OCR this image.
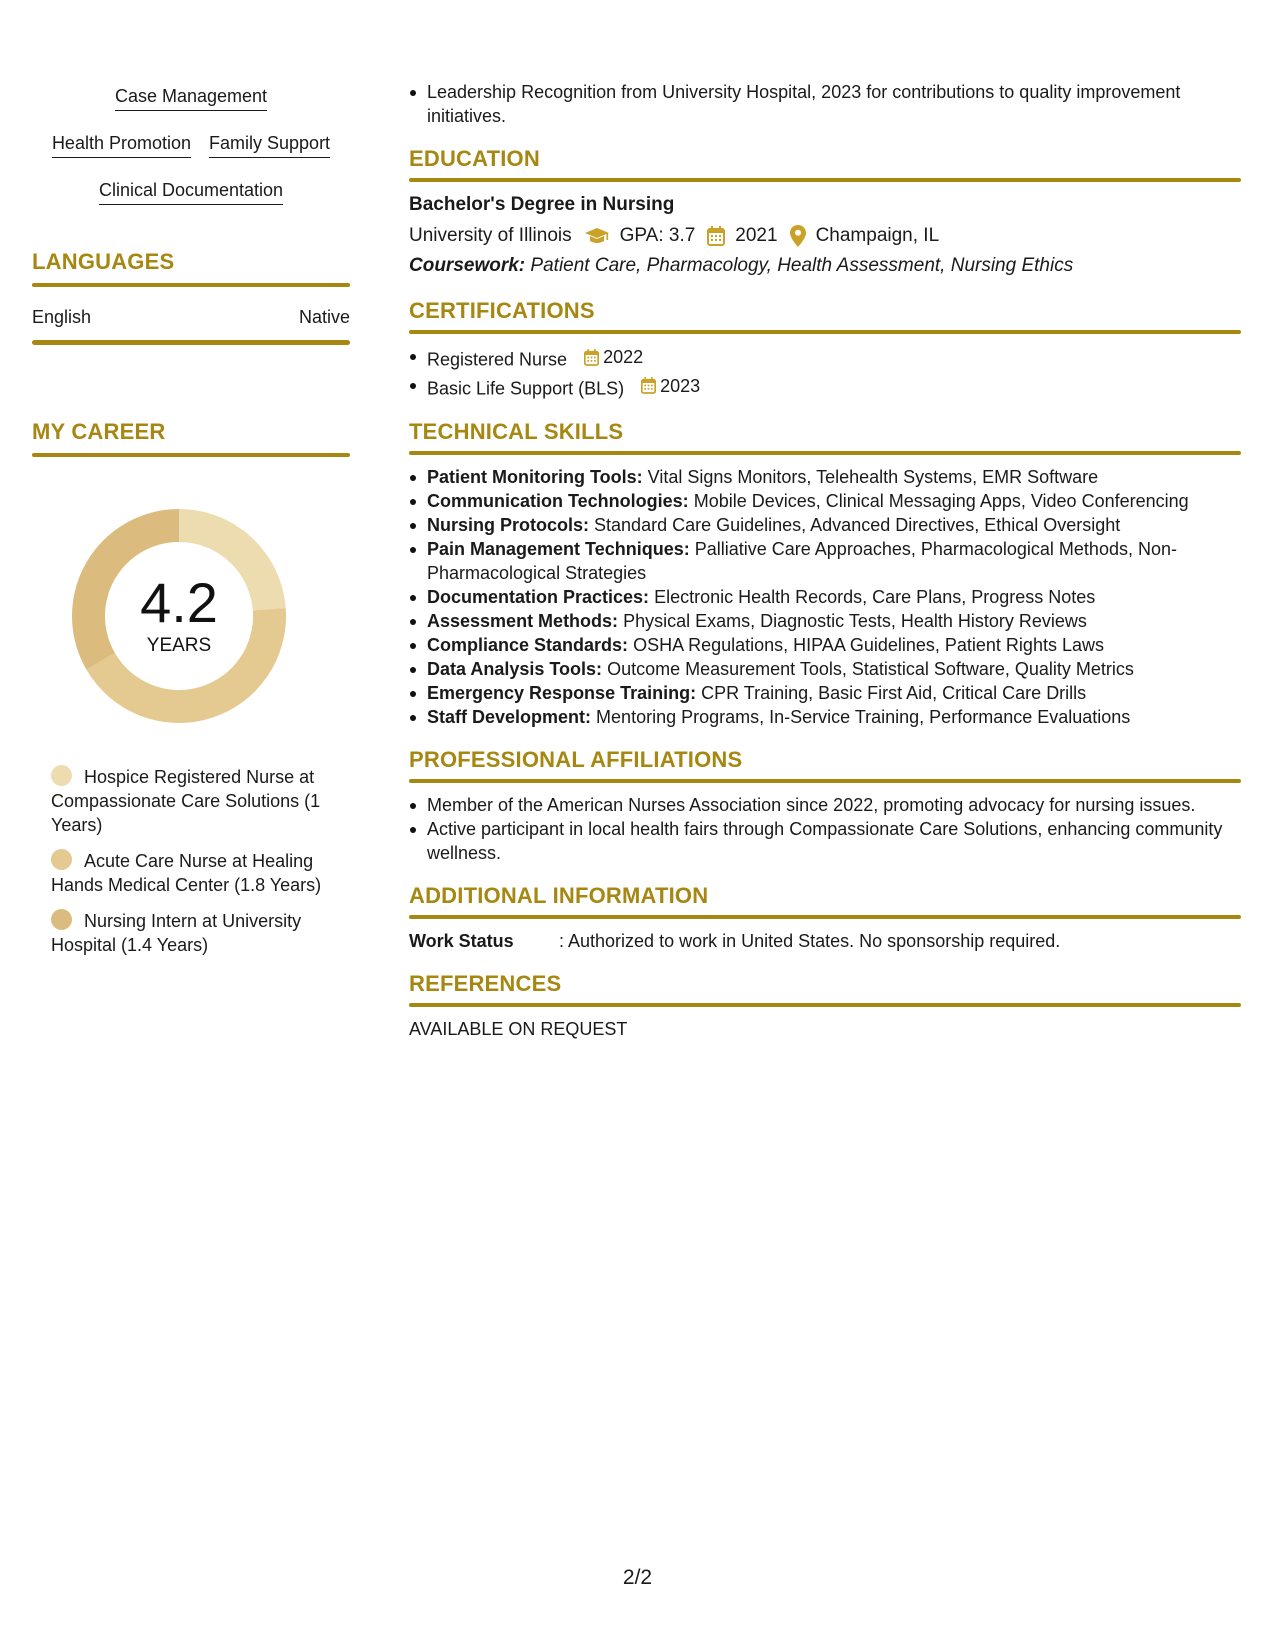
Case Management
Health Promotion Family Support
Clinical Documentation
LANGUAGES
English	Native
MY CAREER
4.2
YEARS
Hospice Registered Nurse at Compassionate Care Solutions (1 Years)
Acute Care Nurse at Healing Hands Medical Center (1.8 Years)
Nursing Intern at University Hospital (1.4 Years)
Leadership Recognition from University Hospital, 2023 for contributions to quality improvement initiatives.
EDUCATION
Bachelor's Degree in Nursing
University of Illinois	GPA: 3.7 2021 Champaign, IL
Coursework: Patient Care, Pharmacology, Health Assessment, Nursing Ethics
CERTIFICATIONS
Registered Nurse 2022
Basic Life Support (BLS) 2023
TECHNICAL SKILLS
Patient Monitoring Tools: Vital Signs Monitors, Telehealth Systems, EMR Software
Communication Technologies: Mobile Devices, Clinical Messaging Apps, Video Conferencing
Nursing Protocols: Standard Care Guidelines, Advanced Directives, Ethical Oversight
Pain Management Techniques: Palliative Care Approaches, Pharmacological Methods, Non-Pharmacological Strategies
Documentation Practices: Electronic Health Records, Care Plans, Progress Notes
Assessment Methods: Physical Exams, Diagnostic Tests, Health History Reviews
Compliance Standards: OSHA Regulations, HIPAA Guidelines, Patient Rights Laws
Data Analysis Tools: Outcome Measurement Tools, Statistical Software, Quality Metrics
Emergency Response Training: CPR Training, Basic First Aid, Critical Care Drills
Staff Development: Mentoring Programs, In-Service Training, Performance Evaluations
PROFESSIONAL AFFILIATIONS
Member of the American Nurses Association since 2022, promoting advocacy for nursing issues.
Active participant in local health fairs through Compassionate Care Solutions, enhancing community wellness.
ADDITIONAL INFORMATION
Work Status	: Authorized to work in United States. No sponsorship required.
REFERENCES
AVAILABLE ON REQUEST
2/2
